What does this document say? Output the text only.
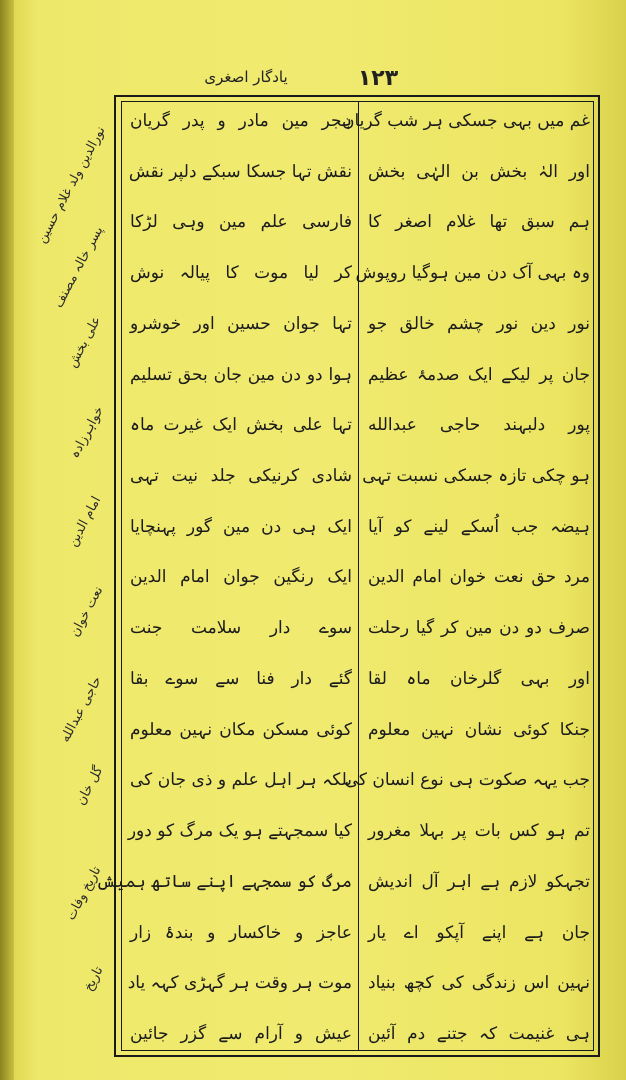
۱۲۳
یادگار اصغری
غم میں بہی جسکی ہر شب گریان
اور الہٰ بخش بن الہٰی بخش
ہم سبق تھا غلام اصغر کا
وہ بہی آک دن مین ہوگیا روپوش
نور دین نور چشم خالق جو
جان پر لیکے ایک صدمۂ عظیم
پور دلبہند حاجی عبدالله
ہو چکی تازہ جسکی نسبت تہی
ہیضہ جب اُسکے لینے کو آیا
مرد حق نعت خوان امام الدین
صرف دو دن مین کر گیا رحلت
اور بہی گلرخان ماہ لقا
جنکا کوئی نشان نہین معلوم
جب یہہ صکوت ہی نوع انسان کی
تم ہو کس بات پر بہلا مغرور
تجہکو لازم ہے اہر آل اندیش
جان ہے اپنے آپکو اے یار
نہین اس زندگی کی کچھ بنیاد
ہی غنیمت کہ جتنے دم آئین
ہجر مین مادر و پدر گریان
نقش تہا جسکا سبکے دلپر نقش
فارسی علم مین وہی لڑکا
کر لیا موت کا پیالہ نوش
تہا جوان حسین اور خوشرو
ہوا دو دن مین جان بحق تسلیم
تہا علی بخش ایک غیرت ماہ
شادی کرنیکی جلد نیت تہی
ایک ہی دن مین گور پہنچایا
ایک رنگین جوان امام الدین
سوے دار سلامت جنت
گئے دار فنا سے سوے بقا
کوئی مسکن مکان نہین معلوم
بلکہ ہر اہل علم و ذی جان کی
کیا سمجہتے ہو یک مرگ کو دور
مرگ کو سمجہے اپنے ساتھ ہمیش
عاجز و خاکسار و بندۂ زار
موت ہر وقت ہر گہڑی کہہ یاد
عیش و آرام سے گزر جائین
نورالدین ولد غلام حسین
پسر خالہ مصنف
علی بخش
خواہرزادہ
امام الدین
نعت خوان
حاجی عبدالله
گل خان
تاریخ وفات
تاریخ
